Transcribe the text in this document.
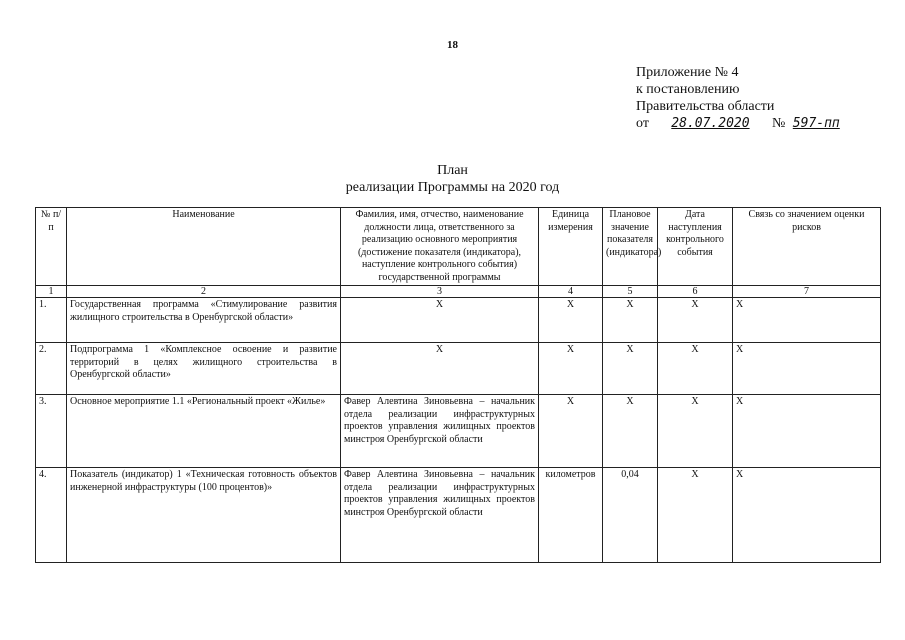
18
Приложение № 4
к постановлению
Правительства области
от 28.07.2020 № 597-пп
План
реализации Программы на 2020 год
№ п/п	Наименование	Фамилия, имя, отчество, наименование должности лица, ответственного за реализацию основного мероприятия (достижение показателя (индикатора), наступление контрольного события) государственной программы	Единица измерения	Плановое значение показателя (индикатора)	Дата наступления контрольного события	Связь со значением оценки рисков
1	2	3	4	5	6	7
1.	Государственная программа «Стимулирование развития жилищного строительства в Оренбургской области»	Х	Х	Х	Х	Х
2.	Подпрограмма 1 «Комплексное освоение и развитие территорий в целях жилищного строительства в Оренбургской области»	Х	Х	Х	Х	Х
3.	Основное мероприятие 1.1 «Региональный проект «Жилье»	Фавер Алевтина Зиновьевна – начальник отдела реализации инфраструктурных проектов управления жилищных проектов минстроя Оренбургской области	Х	Х	Х	Х
4.	Показатель (индикатор) 1 «Техническая готовность объектов инженерной инфраструктуры (100 процентов)»	Фавер Алевтина Зиновьевна – начальник отдела реализации инфраструктурных проектов управления жилищных проектов минстроя Оренбургской области	километров	0,04	Х	Х
